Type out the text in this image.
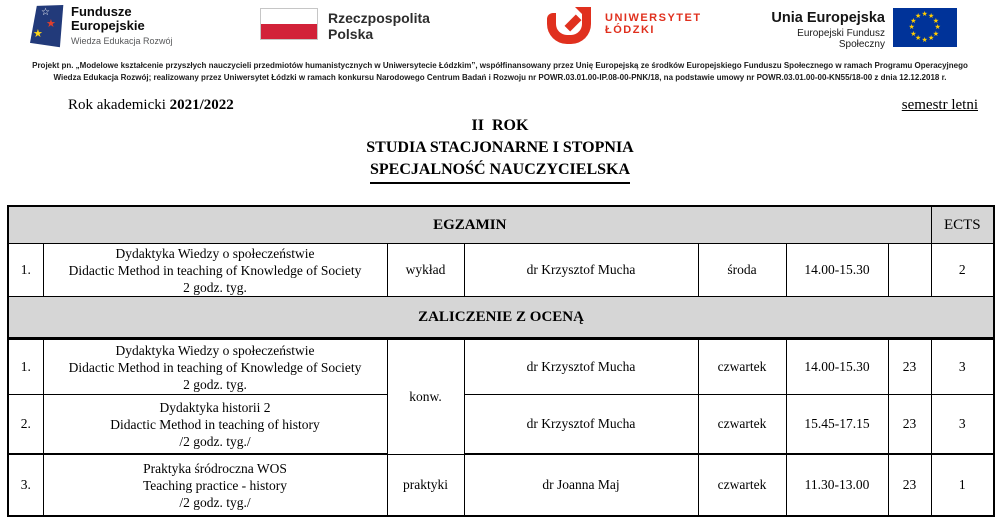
☆
★
★
Fundusze
Europejskie
Wiedza Edukacja Rozwój
Rzeczpospolita
Polska
UNIWERSYTET
ŁÓDZKI
Unia Europejska
Europejski Fundusz Społeczny
★ ★
★
★
★
★
★
★
★
★
★
★
Projekt pn. „Modelowe kształcenie przyszłych nauczycieli przedmiotów humanistycznych w Uniwersytecie Łódzkim”, współfinansowany przez Unię Europejską ze środków Europejskiego Funduszu Społecznego w ramach Programu Operacyjnego Wiedza Edukacja Rozwój; realizowany przez Uniwersytet Łódzki w ramach konkursu Narodowego Centrum Badań i Rozwoju nr POWR.03.01.00-IP.08-00-PNK/18, na podstawie umowy nr POWR.03.01.00-00-KN55/18-00 z dnia 12.12.2018 r.
Rok akademicki 2021/2022	semestr letni
II  ROK
STUDIA STACJONARNE I STOPNIA
SPECJALNOŚĆ NAUCZYCIELSKA
EGZAMIN							ECTS
1.	Dydaktyka Wiedzy o społeczeństwie
Didactic Method in teaching of Knowledge of Society
2 godz. tyg.	wykład	dr Krzysztof Mucha	środa	14.00-15.30		2
ZALICZENIE Z OCENĄ							
1.	Dydaktyka Wiedzy o społeczeństwie
Didactic Method in teaching of Knowledge of Society
2 godz. tyg.	konw.	dr Krzysztof Mucha	czwartek	14.00-15.30	23	3
2.	Dydaktyka historii 2
Didactic Method in teaching of history
/2 godz. tyg./		dr Krzysztof Mucha	czwartek	15.45-17.15	23	3
3.	Praktyka śródroczna WOS
Teaching practice - history
/2 godz. tyg./	praktyki	dr Joanna Maj	czwartek	11.30-13.00	23	1
